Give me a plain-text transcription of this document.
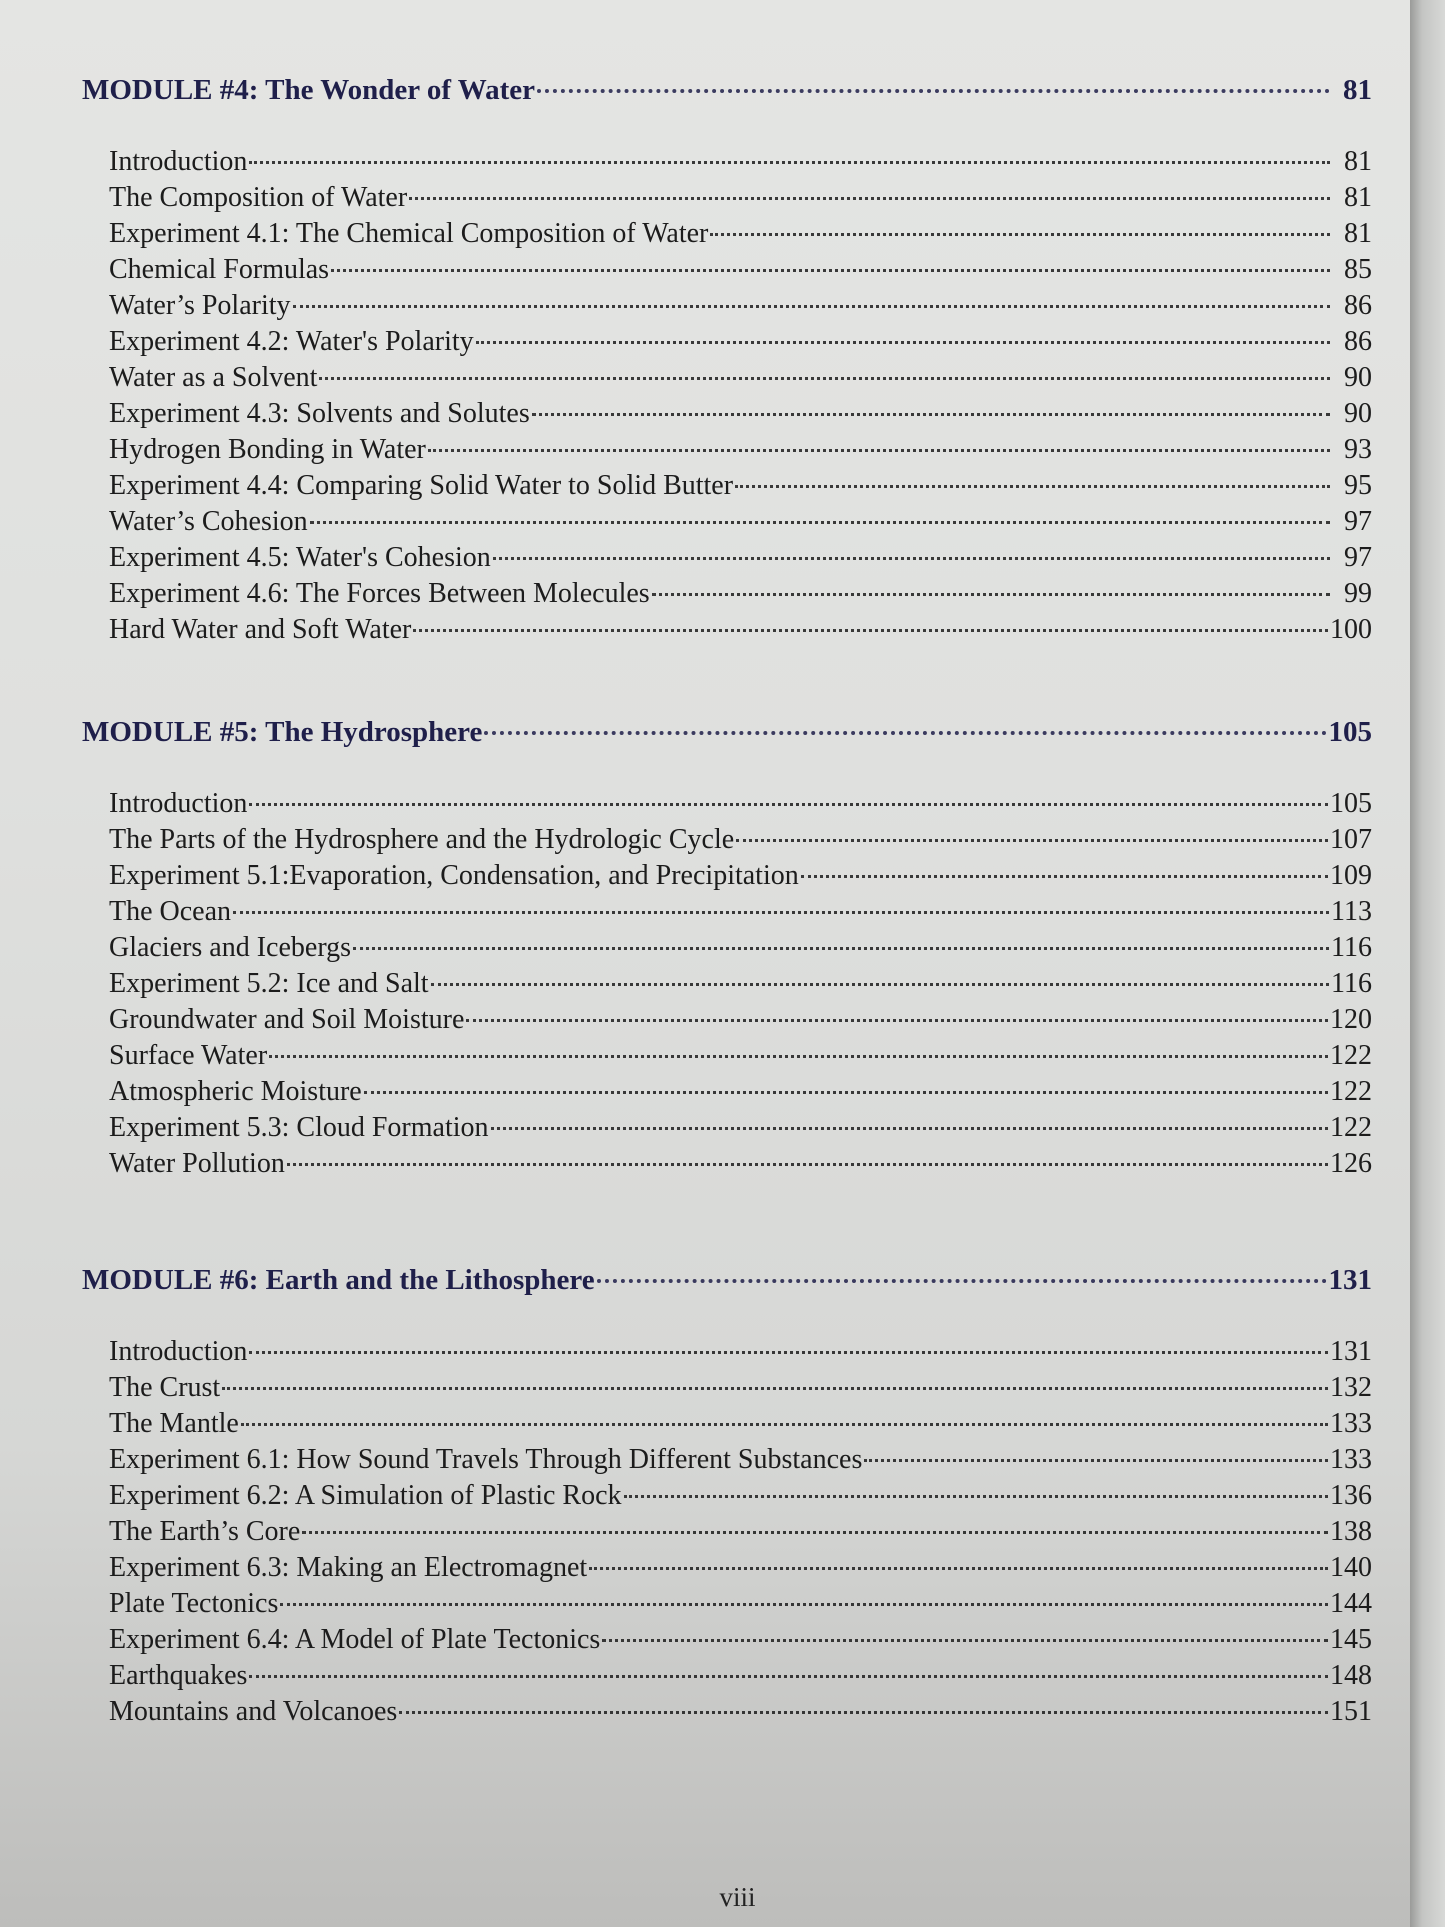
MODULE #4: The Wonder of Water	81
Introduction	81
The Composition of Water	81
Experiment 4.1: The Chemical Composition of Water	81
Chemical Formulas	85
Water’s Polarity	86
Experiment 4.2: Water's Polarity	86
Water as a Solvent	90
Experiment 4.3: Solvents and Solutes	90
Hydrogen Bonding in Water	93
Experiment 4.4: Comparing Solid Water to Solid Butter	95
Water’s Cohesion	97
Experiment 4.5: Water's Cohesion	97
Experiment 4.6: The Forces Between Molecules	99
Hard Water and Soft Water	100
MODULE #5: The Hydrosphere	105
Introduction	105
The Parts of the Hydrosphere and the Hydrologic Cycle	107
Experiment 5.1:Evaporation, Condensation, and Precipitation	109
The Ocean	113
Glaciers and Icebergs	116
Experiment 5.2: Ice and Salt	116
Groundwater and Soil Moisture	120
Surface Water	122
Atmospheric Moisture	122
Experiment 5.3: Cloud Formation	122
Water Pollution	126
MODULE #6: Earth and the Lithosphere	131
Introduction	131
The Crust	132
The Mantle	133
Experiment 6.1: How Sound Travels Through Different Substances	133
Experiment 6.2: A Simulation of Plastic Rock	136
The Earth’s Core	138
Experiment 6.3: Making an Electromagnet	140
Plate Tectonics	144
Experiment 6.4: A Model of Plate Tectonics	145
Earthquakes	148
Mountains and Volcanoes	151
viii
